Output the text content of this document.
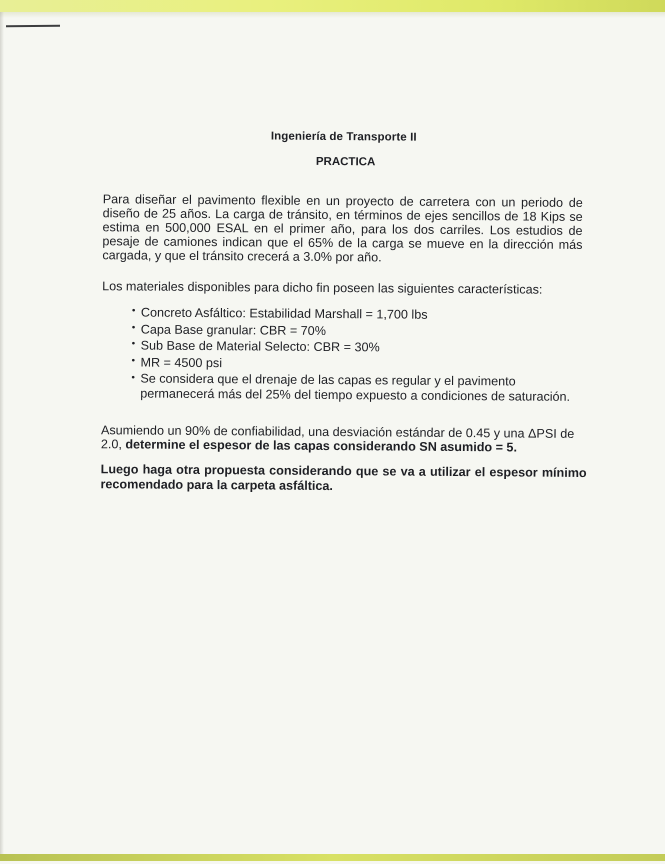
Ingeniería de Transporte II
PRACTICA

Para diseñar el pavimento flexible en un proyecto de carretera con un periodo de diseño de 25 años. La carga de tránsito, en términos de ejes sencillos de 18 Kips se estima en 500,000 ESAL en el primer año, para los dos carriles. Los estudios de pesaje de camiones indican que el 65% de la carga se mueve en la dirección más cargada, y que el tránsito crecerá a 3.0% por año.

Los materiales disponibles para dicho fin poseen las siguientes características:

• Concreto Asfáltico: Estabilidad Marshall = 1,700 lbs
• Capa Base granular: CBR = 70%
• Sub Base de Material Selecto: CBR = 30%
• MR = 4500 psi
• Se considera que el drenaje de las capas es regular y el pavimento permanecerá más del 25% del tiempo expuesto a condiciones de saturación.

Asumiendo un 90% de confiabilidad, una desviación estándar de 0.45 y una ΔPSI de 2.0, determine el espesor de las capas considerando SN asumido = 5.

Luego haga otra propuesta considerando que se va a utilizar el espesor mínimo recomendado para la carpeta asfáltica.
